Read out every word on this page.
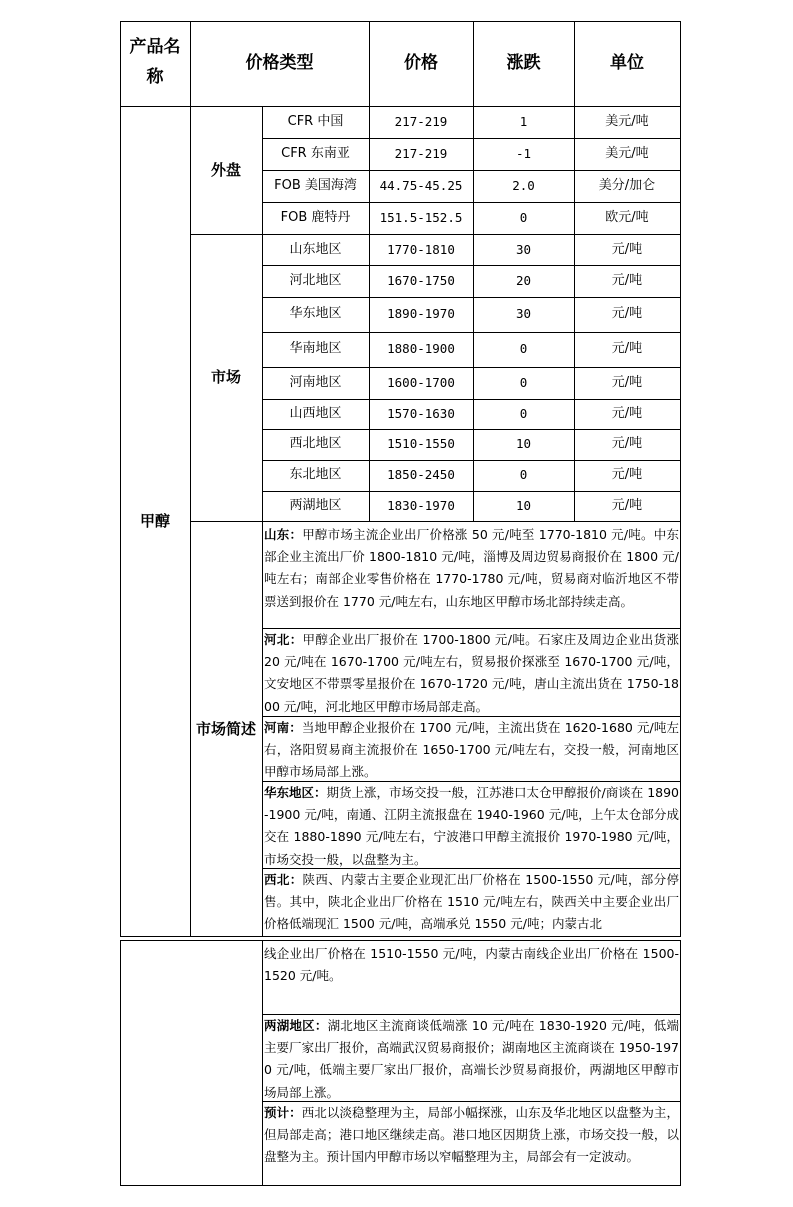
产品名称
价格类型	价格	涨跌	单位
甲醇
外盘
市场
市场简述
CFR 中国	217-219	1	美元/吨
CFR 东南亚	217-219	-1	美元/吨
FOB 美国海湾	44.75-45.25	2.0	美分/加仑
FOB 鹿特丹	151.5-152.5	0	欧元/吨
山东地区	1770-1810	30	元/吨
河北地区	1670-1750	20	元/吨
华东地区	1890-1970	30	元/吨
华南地区	1880-1900	0	元/吨
河南地区	1600-1700	0	元/吨
山西地区	1570-1630	0	元/吨
西北地区	1510-1550	10	元/吨
东北地区	1850-2450	0	元/吨
两湖地区	1830-1970	10	元/吨
山东：甲醇市场主流企业出厂价格涨 50 元/吨至 1770-1810 元/吨。中东部企业主流出厂价 1800-1810 元/吨，淄博及周边贸易商报价在 1800 元/吨左右；南部企业零售价格在 1770-1780 元/吨，贸易商对临沂地区不带票送到报价在 1770 元/吨左右，山东地区甲醇市场北部持续走高。
河北：甲醇企业出厂报价在 1700-1800 元/吨。石家庄及周边企业出货涨 20 元/吨在 1670-1700 元/吨左右，贸易报价探涨至 1670-1700 元/吨，文安地区不带票零星报价在 1670-1720 元/吨，唐山主流出货在 1750-1800 元/吨，河北地区甲醇市场局部走高。
河南：当地甲醇企业报价在 1700 元/吨，主流出货在 1620-1680 元/吨左右，洛阳贸易商主流报价在 1650-1700 元/吨左右，交投一般，河南地区甲醇市场局部上涨。
华东地区：期货上涨，市场交投一般，江苏港口太仓甲醇报价/商谈在 1890-1900 元/吨，南通、江阴主流报盘在 1940-1960 元/吨，上午太仓部分成交在 1880-1890 元/吨左右，宁波港口甲醇主流报价 1970-1980 元/吨，市场交投一般，以盘整为主。
西北：陕西、内蒙古主要企业现汇出厂价格在 1500-1550 元/吨，部分停售。其中，陕北企业出厂价格在 1510 元/吨左右，陕西关中主要企业出厂价格低端现汇 1500 元/吨，高端承兑 1550 元/吨；内蒙古北
线企业出厂价格在 1510-1550 元/吨，内蒙古南线企业出厂价格在 1500-1520 元/吨。
两湖地区：湖北地区主流商谈低端涨 10 元/吨在 1830-1920 元/吨，低端主要厂家出厂报价，高端武汉贸易商报价；湖南地区主流商谈在 1950-1970 元/吨，低端主要厂家出厂报价，高端长沙贸易商报价，两湖地区甲醇市场局部上涨。
预计：西北以淡稳整理为主，局部小幅探涨，山东及华北地区以盘整为主，但局部走高；港口地区继续走高。港口地区因期货上涨，市场交投一般，以盘整为主。预计国内甲醇市场以窄幅整理为主，局部会有一定波动。
